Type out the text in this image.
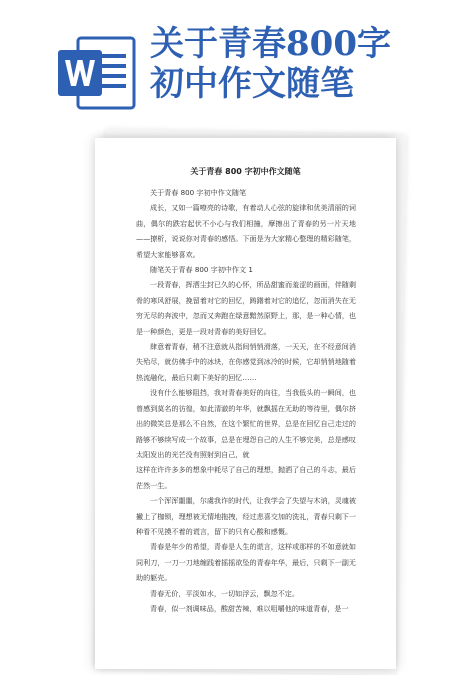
关于青春800字
初中作文随笔
关于青春 800 字初中作文随笔

关于青春 800 字初中作文随笔

成长，又如一篇嘹亮的诗歌，有着动人心弦的旋律和优美清丽的词曲，偶尔的跌宕起伏不小心与我们相撞，摩擦出了青春的另一片天地——撩析，说说你对青春的感悟。下面是为大家精心整理的精彩随笔，希望大家能够喜欢。

随笔关于青春 800 字初中作文 1

一段青春，挥洒尘封已久的心怀，所品甜蜜而羞涩的画面，伴随剩骨的寒风舒展，挽留着对它的回忆，踌躇着对它的追忆，忽而消失在无穷无尽的奔波中，忽而又奔跑在绿意黯然原野上，那，是一种心情，也是一种颜色，更是一段对青春的美好回忆。

肆意着青春，稍不注意就从指间悄悄滑落，一天天，在不经意间消失殆尽，就仿佛手中的冰块，在你感觉到冰冷的时候，它却悄悄地随着热流融化，最后只剩下美好的回忆……

没有什么能够阻挡，我对青春美好的向往，当我低头的一瞬间，也曾感到莫名的彷徨，如此清澈的年华，就飘摇在无助的等待里，偶尔挤出的微笑总是那么不自然，在这个繁忙的世界，总是在回忆自己走过的路够不够续写成一个故事，总是在埋怨自己的人生不够完美，总是感叹太阳发出的光芒没有照射到自己，就

这样在许许多多的想象中耗尽了自己的理想，抛洒了自己的斗志，最后茫然一生。

一个浑浑噩噩，尔虞我诈的时代，让我学会了失望与木讷，灵魂被撇上了枷锁，理想被无情地拖拽，经过悲喜交加的洗礼，青春只剩下一种看不见摸不着的谎言，留下的只有心酸和感慨。

青春是年少的希望，青春是人生的谎言，这样或那样的不如意就如同利刀，一刀一刀地缠践着摇摇欲坠的青春年华，最后，只剩下一副无助的躯壳。

青春无价，平淡如水，一切如浮云，飘忽不定。

青春，似一剂调味品，酸甜苦辣，难以咀嚼他的味道青春，是一
